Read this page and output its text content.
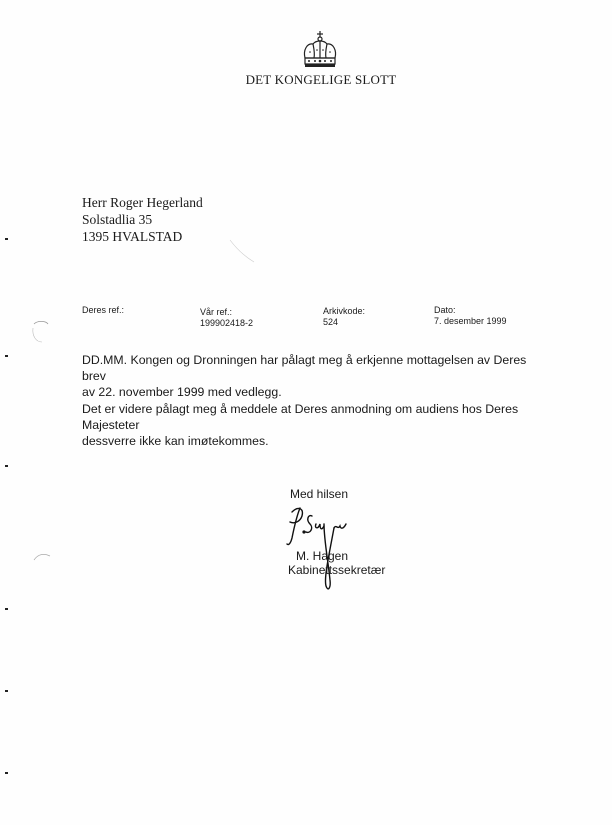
DET KONGELIGE SLOTT
Herr Roger Hegerland
Solstadlia 35
1395 HVALSTAD
Deres ref.:	Vår ref.:
199902418-2
Arkivkode:
524
Dato:
7. desember 1999
DD.MM. Kongen og Dronningen har pålagt meg å erkjenne mottagelsen av Deres brev
av 22. november 1999 med vedlegg.
Det er videre pålagt meg å meddele at Deres anmodning om audiens hos Deres Majesteter
dessverre ikke kan imøtekommes.
Med hilsen
M. Hagen
Kabinettssekretær
